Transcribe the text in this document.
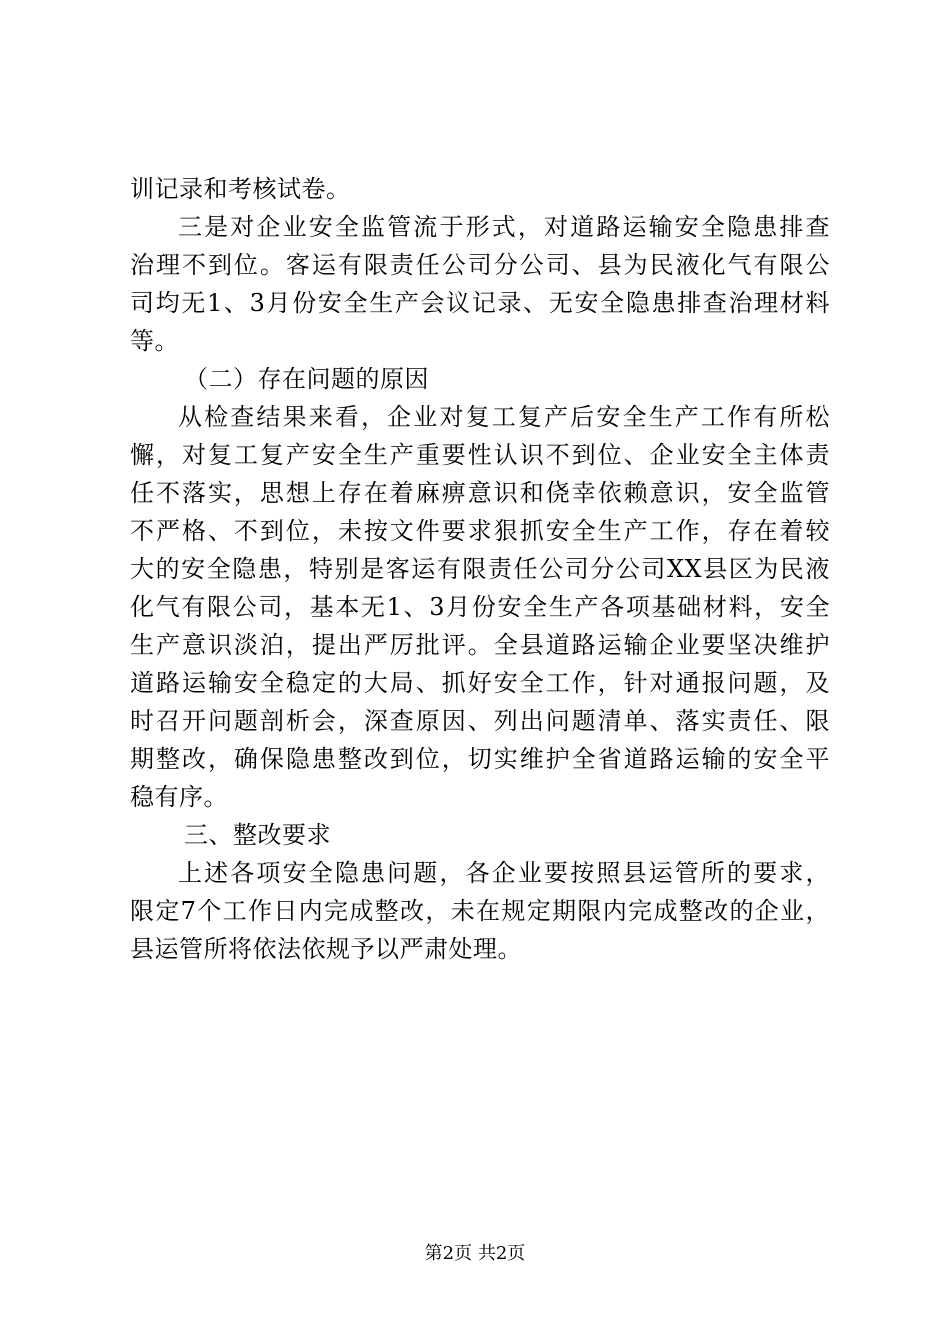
训记录和考核试卷。
三是对企业安全监管流于形式，对道路运输安全隐患排查
治理不到位。客运有限责任公司分公司、县为民液化气有限公
司均无1、3月份安全生产会议记录、无安全隐患排查治理材料
等。
（二）存在问题的原因
从检查结果来看，企业对复工复产后安全生产工作有所松
懈，对复工复产安全生产重要性认识不到位、企业安全主体责
任不落实，思想上存在着麻痹意识和侥幸依赖意识，安全监管
不严格、不到位，未按文件要求狠抓安全生产工作，存在着较
大的安全隐患，特别是客运有限责任公司分公司XX县区为民液
化气有限公司，基本无1、3月份安全生产各项基础材料，安全
生产意识淡泊，提出严厉批评。全县道路运输企业要坚决维护
道路运输安全稳定的大局、抓好安全工作，针对通报问题，及
时召开问题剖析会，深查原因、列出问题清单、落实责任、限
期整改，确保隐患整改到位，切实维护全省道路运输的安全平
稳有序。
三、整改要求
上述各项安全隐患问题，各企业要按照县运管所的要求，
限定7个工作日内完成整改，未在规定期限内完成整改的企业，
县运管所将依法依规予以严肃处理。
第2页 共2页
